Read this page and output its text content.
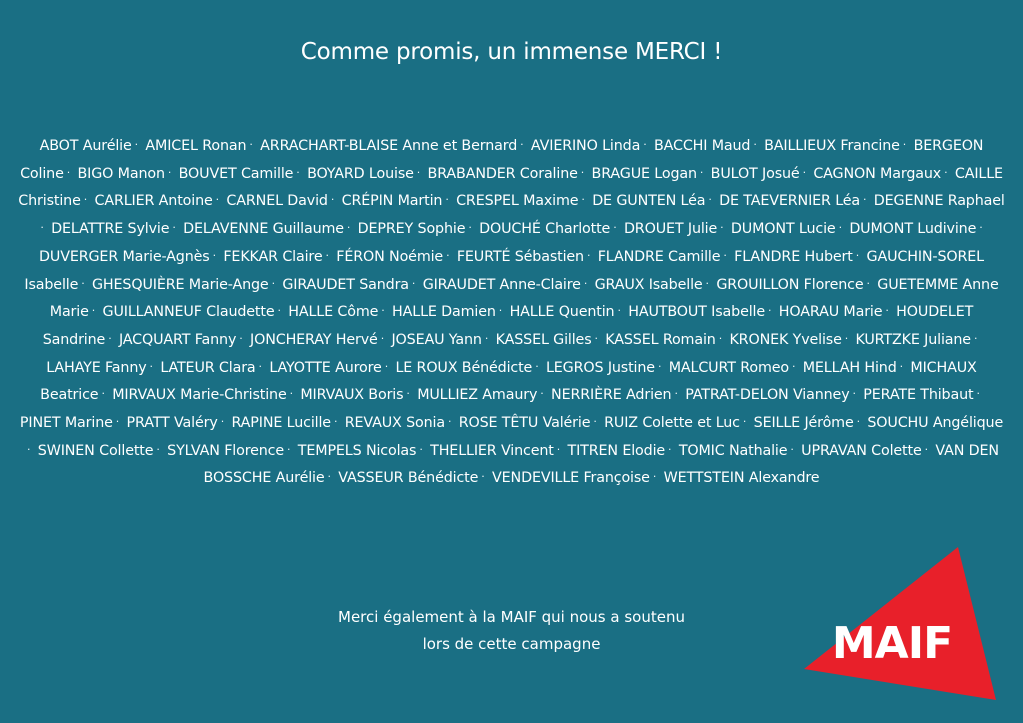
Comme promis, un immense MERCI !
ABOT Aurélie · AMICEL Ronan · ARRACHART-BLAISE Anne et Bernard · AVIERINO Linda · BACCHI Maud · BAILLIEUX Francine · BERGEON Coline · BIGO Manon · BOUVET Camille · BOYARD Louise · BRABANDER Coraline · BRAGUE Logan · BULOT Josué · CAGNON Margaux · CAILLE Christine · CARLIER Antoine · CARNEL David · CRÉPIN Martin · CRESPEL Maxime · DE GUNTEN Léa · DE TAEVERNIER Léa · DEGENNE Raphael· DELATTRE Sylvie · DELAVENNE Guillaume · DEPREY Sophie · DOUCHÉ Charlotte · DROUET Julie · DUMONT Lucie · DUMONT Ludivine · DUVERGER Marie-Agnès · FEKKAR Claire · FÉRON Noémie · FEURTÉ Sébastien · FLANDRE Camille · FLANDRE Hubert · GAUCHIN-SOREL Isabelle · GHESQUIÈRE Marie-Ange · GIRAUDET Sandra · GIRAUDET Anne-Claire · GRAUX Isabelle · GROUILLON Florence · GUETEMME Anne Marie · GUILLANNEUF Claudette · HALLE Côme · HALLE Damien · HALLE Quentin · HAUTBOUT Isabelle · HOARAU Marie · HOUDELET Sandrine · JACQUART Fanny · JONCHERAY Hervé · JOSEAU Yann · KASSEL Gilles · KASSEL Romain · KRONEK Yvelise · KURTZKE Juliane · LAHAYE Fanny · LATEUR Clara · LAYOTTE Aurore · LE ROUX Bénédicte · LEGROS Justine · MALCURT Romeo · MELLAH Hind · MICHAUX Beatrice · MIRVAUX Marie-Christine · MIRVAUX Boris · MULLIEZ Amaury · NERRIÈRE Adrien · PATRAT-DELON Vianney · PERATE Thibaut · PINET Marine · PRATT Valéry · RAPINE Lucille · REVAUX Sonia · ROSE TÊTU Valérie · RUIZ Colette et Luc · SEILLE Jérôme · SOUCHU Angélique· SWINEN Collette · SYLVAN Florence · TEMPELS Nicolas · THELLIER Vincent · TITREN Elodie · TOMIC Nathalie · UPRAVAN Colette · VAN DEN BOSSCHE Aurélie · VASSEUR Bénédicte · VENDEVILLE Françoise · WETTSTEIN Alexandre
Merci également à la MAIF qui nous a soutenu
lors de cette campagne	MAIF
